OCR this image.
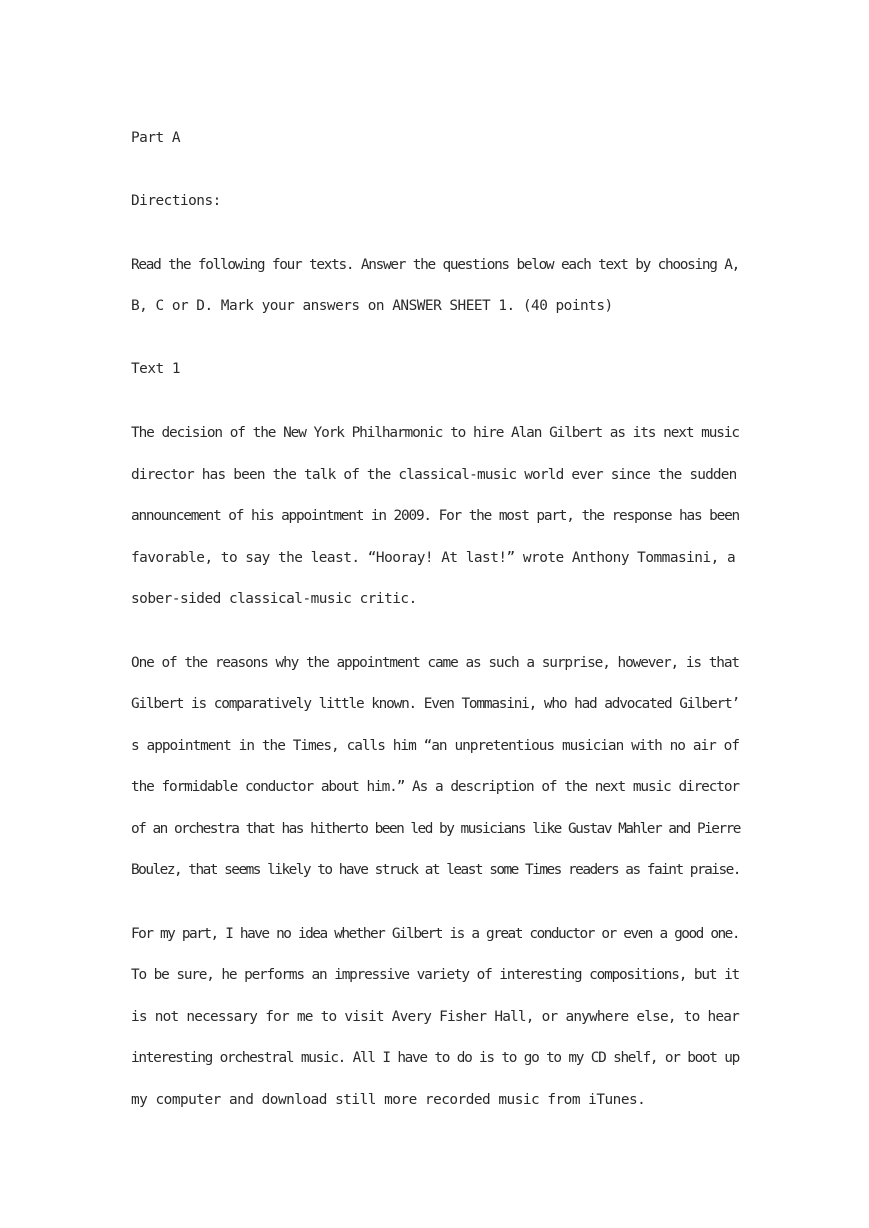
Part A
Directions:
Read the following four texts. Answer the questions below each text by choosing A,
B, C or D. Mark your answers on ANSWER SHEET 1. (40 points)
Text 1
The decision of the New York Philharmonic to hire Alan Gilbert as its next music
director has been the talk of the classical-music world ever since the sudden
announcement of his appointment in 2009. For the most part, the response has been
favorable, to say the least. “Hooray! At last!” wrote Anthony Tommasini, a
sober-sided classical-music critic.
One of the reasons why the appointment came as such a surprise, however, is that
Gilbert is comparatively little known. Even Tommasini, who had advocated Gilbert’
s appointment in the Times, calls him “an unpretentious musician with no air of
the formidable conductor about him.” As a description of the next music director
of an orchestra that has hitherto been led by musicians like Gustav Mahler and Pierre
Boulez, that seems likely to have struck at least some Times readers as faint praise.
For my part, I have no idea whether Gilbert is a great conductor or even a good one.
To be sure, he performs an impressive variety of interesting compositions, but it
is not necessary for me to visit Avery Fisher Hall, or anywhere else, to hear
interesting orchestral music. All I have to do is to go to my CD shelf, or boot up
my computer and download still more recorded music from iTunes.
